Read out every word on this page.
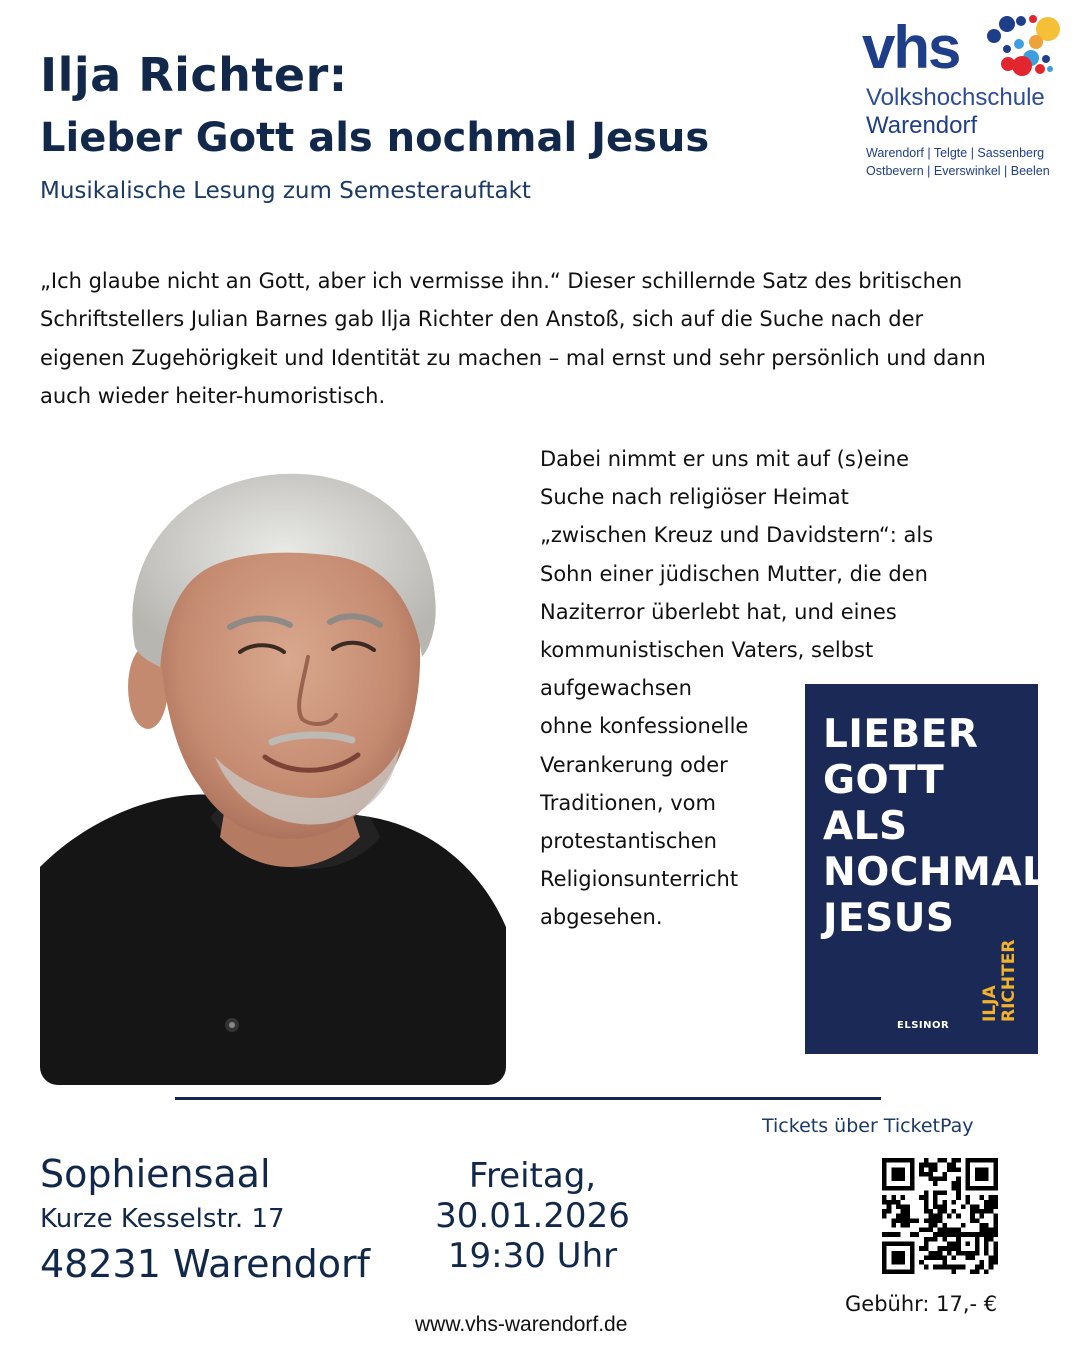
Ilja Richter:
Lieber Gott als nochmal Jesus
Musikalische Lesung zum Semesterauftakt
vhs
Volkshochschule
Warendorf
Warendorf | Telgte | Sassenberg
Ostbevern | Everswinkel | Beelen
„Ich glaube nicht an Gott, aber ich vermisse ihn.“ Dieser schillernde Satz des britischen Schriftstellers Julian Barnes gab Ilja Richter den Anstoß, sich auf die Suche nach der eigenen Zugehörigkeit und Identität zu machen – mal ernst und sehr persönlich und dann auch wieder heiter-humoristisch.
Dabei nimmt er uns mit auf (s)eine
Suche nach religiöser Heimat
„zwischen Kreuz und Davidstern“: als
Sohn einer jüdischen Mutter, die den
Naziterror überlebt hat, und eines
kommunistischen Vaters, selbst
aufgewachsen
ohne konfessionelle
Verankerung oder
Traditionen, vom
protestantischen
Religionsunterricht
abgesehen.
LIEBER
GOTT
ALS
NOCHMAL
JESUS
ILJA RICHTER
ELSINOR
Tickets über TicketPay
Sophiensaal
Kurze Kesselstr. 17
48231 Warendorf
Freitag,
30.01.2026
19:30 Uhr
Gebühr: 17,- €
www.vhs-warendorf.de
